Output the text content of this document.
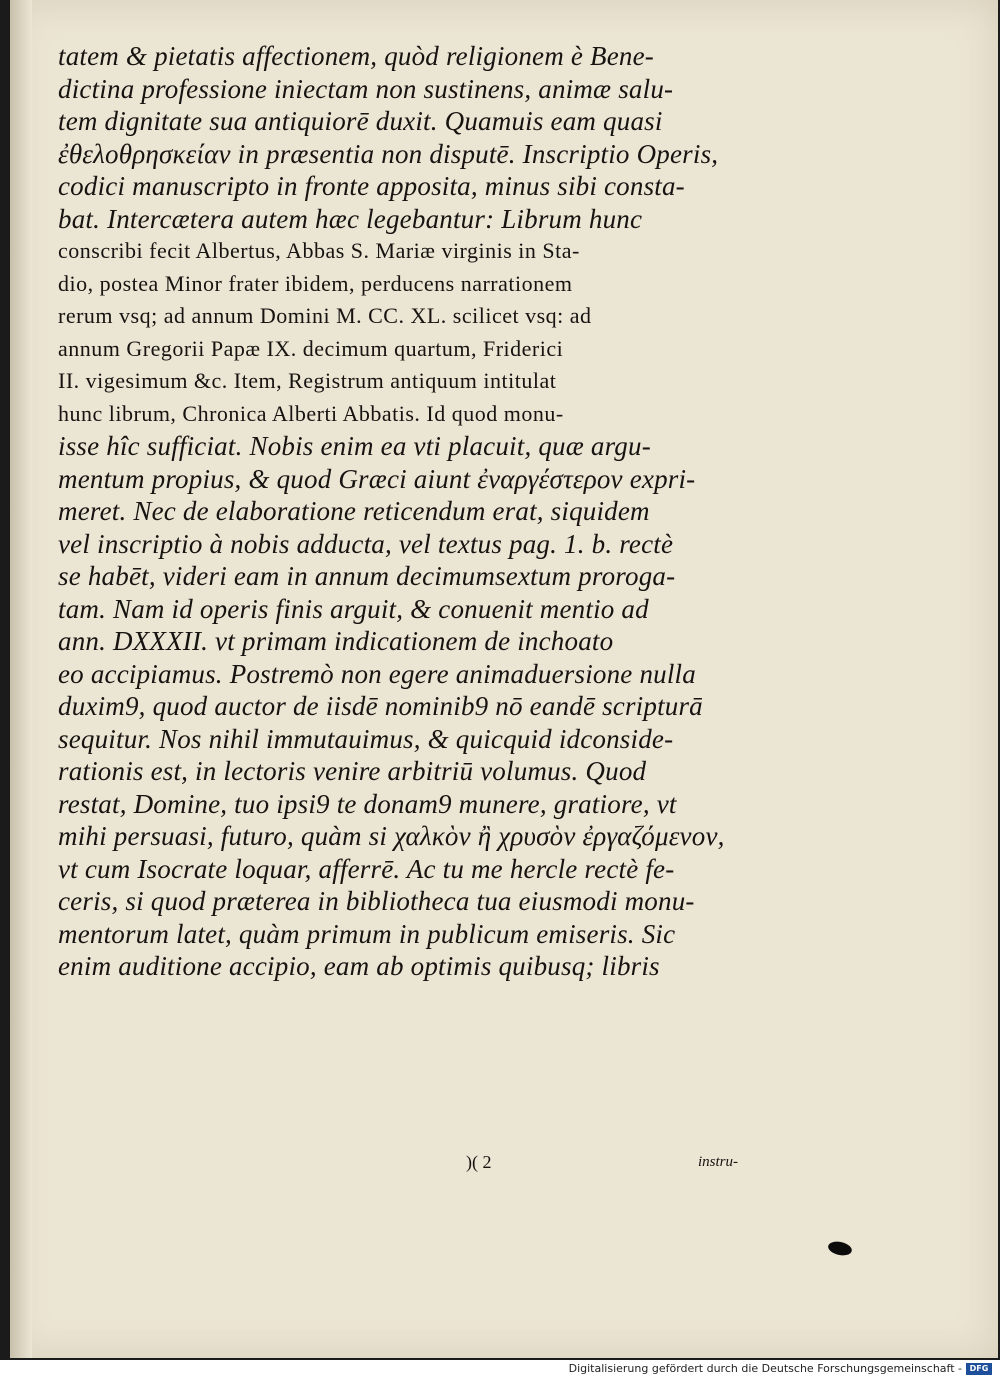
tatem & pietatis affectionem, quòd religionem è Bene-
dictina professione iniectam non sustinens, animæ salu-
tem dignitate sua antiquiorē duxit. Quamuis eam quasi
ἐθελοθρησκείαν in præsentia non disputē. Inscriptio Operis,
codici manuscripto in fronte apposita, minus sibi consta-
bat. Intercætera autem hæc legebantur: Librum hunc
conscribi fecit Albertus, Abbas S. Mariæ virginis in Sta-
dio, postea Minor frater ibidem, perducens narrationem
rerum vsq; ad annum Domini M. CC. XL. scilicet vsq: ad
annum Gregorii Papæ IX. decimum quartum, Friderici
II. vigesimum &c. Item, Registrum antiquum intitulat
hunc librum, Chronica Alberti Abbatis. Id quod monu-
isse hîc sufficiat. Nobis enim ea vti placuit, quæ argu-
mentum propius, & quod Græci aiunt ἐναργέστερον expri-
meret. Nec de elaboratione reticendum erat, siquidem
vel inscriptio à nobis adducta, vel textus pag. 1. b. rectè
se habēt, videri eam in annum decimumsextum proroga-
tam. Nam id operis finis arguit, & conuenit mentio ad
ann. DXXXII. vt primam indicationem de inchoato
eo accipiamus. Postremò non egere animaduersione nulla
duxim9, quod auctor de iisdē nominib9 nō eandē scripturā
sequitur. Nos nihil immutauimus, & quicquid idconside-
rationis est, in lectoris venire arbitriū volumus. Quod
restat, Domine, tuo ipsi9 te donam9 munere, gratiore, vt
mihi persuasi, futuro, quàm si χαλκὸν ἢ χρυσὸν ἐργαζόμενον,
vt cum Isocrate loquar, afferrē. Ac tu me hercle rectè fe-
ceris, si quod præterea in bibliotheca tua eiusmodi monu-
mentorum latet, quàm primum in publicum emiseris. Sic
enim auditione accipio, eam ab optimis quibusq; libris
)( 2	instru-
Digitalisierung gefördert durch die Deutsche Forschungsgemeinschaft - DFG
